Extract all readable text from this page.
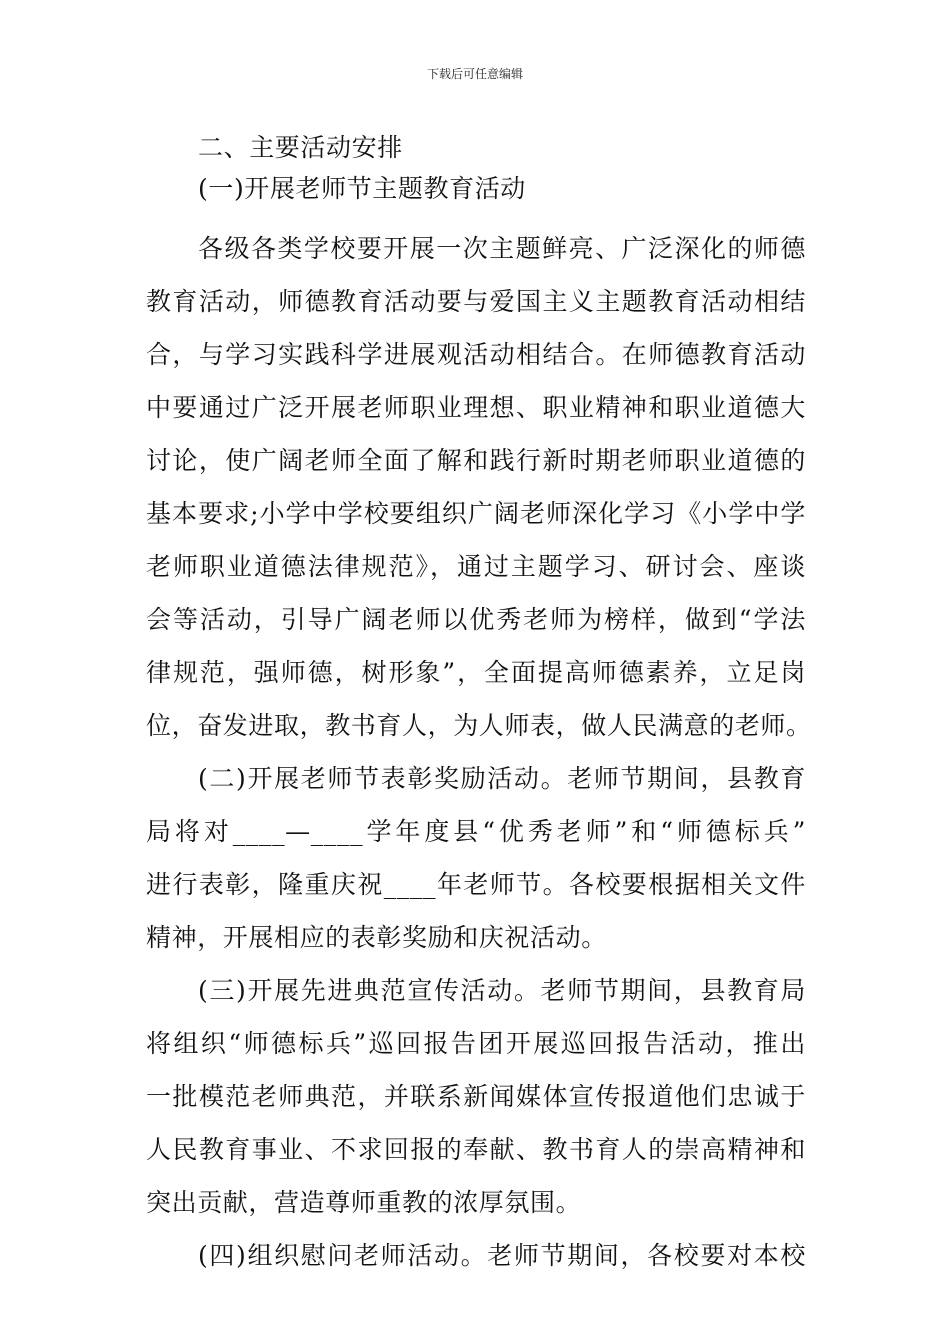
下载后可任意编辑
二、主要活动安排
(一)开展老师节主题教育活动
各级各类学校要开展一次主题鲜亮、广泛深化的师德
教育活动，师德教育活动要与爱国主义主题教育活动相结
合，与学习实践科学进展观活动相结合。在师德教育活动
中要通过广泛开展老师职业理想、职业精神和职业道德大
讨论，使广阔老师全面了解和践行新时期老师职业道德的
基本要求;小学中学校要组织广阔老师深化学习《小学中学
老师职业道德法律规范》，通过主题学习、研讨会、座谈
会等活动，引导广阔老师以优秀老师为榜样，做到“学法
律规范，强师德，树形象”，全面提高师德素养，立足岗
位，奋发进取，教书育人，为人师表，做人民满意的老师。
(二)开展老师节表彰奖励活动。老师节期间，县教育
局将对____—____学年度县“优秀老师”和“师德标兵”
进行表彰，隆重庆祝____年老师节。各校要根据相关文件
精神，开展相应的表彰奖励和庆祝活动。
(三)开展先进典范宣传活动。老师节期间，县教育局
将组织“师德标兵”巡回报告团开展巡回报告活动，推出
一批模范老师典范，并联系新闻媒体宣传报道他们忠诚于
人民教育事业、不求回报的奉献、教书育人的崇高精神和
突出贡献，营造尊师重教的浓厚氛围。
(四)组织慰问老师活动。老师节期间，各校要对本校
